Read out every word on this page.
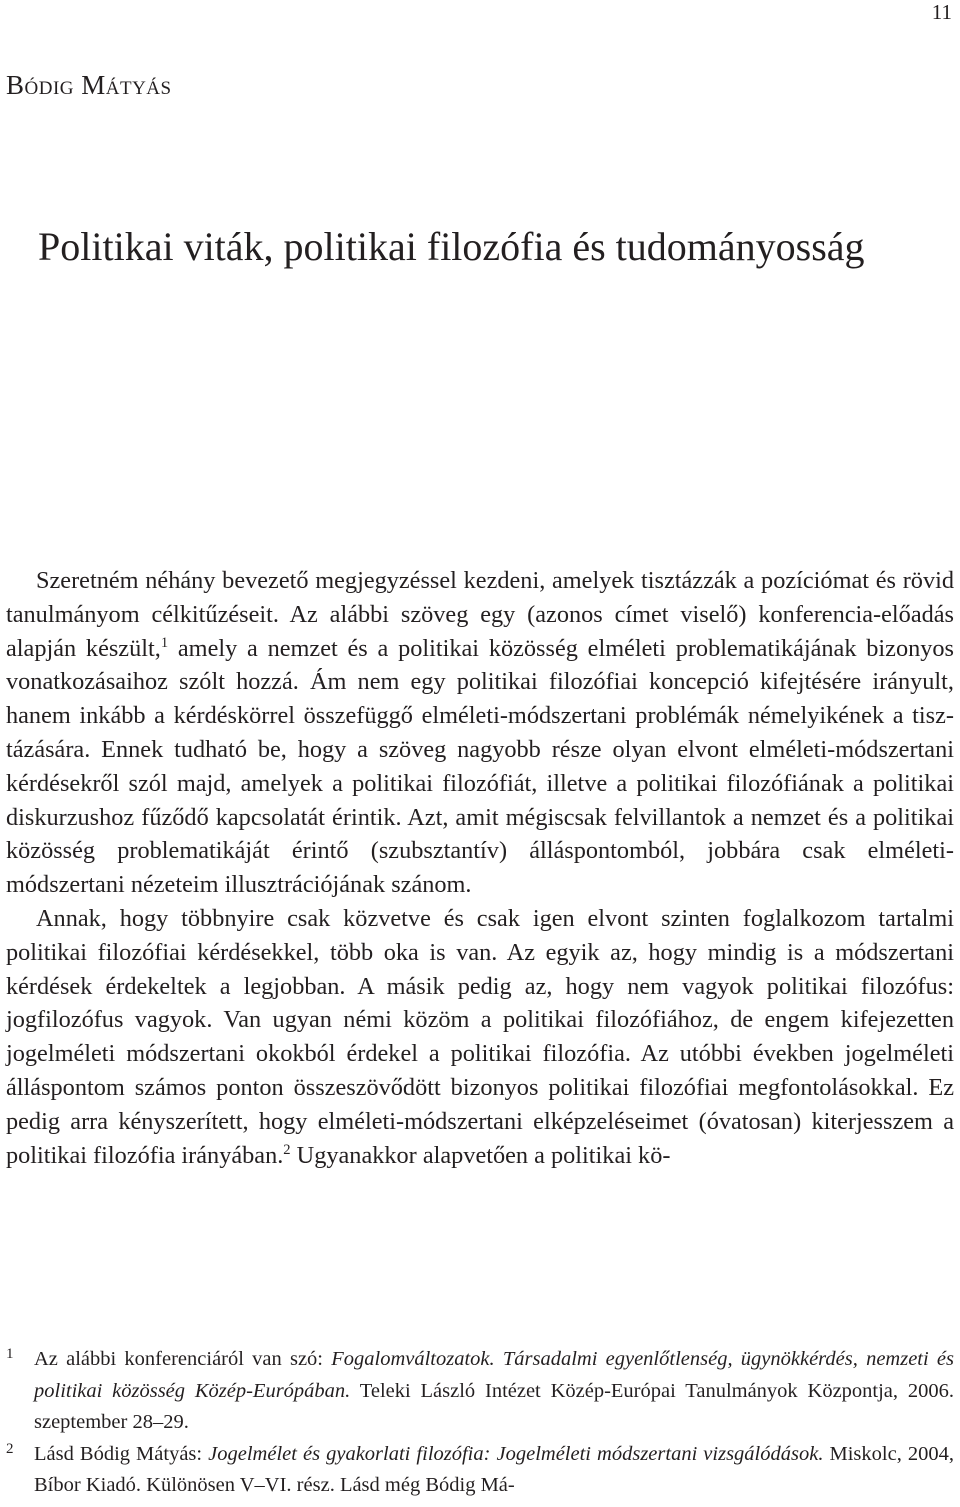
11
Bódig Mátyás
Politikai viták, politikai filozófia és tudományosság

Szeretném néhány bevezető megjegyzéssel kezdeni, amelyek tisztázzák a pozíciómat és rövid tanulmányom célkitűzéseit. Az alábbi szöveg egy (azonos címet viselő) konferencia-előadás alapján készült,$^1$ amely a nemzet és a politikai közösség elméleti problematikájának bizonyos vonatkozásaihoz szólt hozzá. Ám nem egy politikai filozófiai koncepció kifejtésére irányult, hanem inkább a kérdéskörrel összefüggő elméleti-módszertani problémák némelyikének a tisztázására. Ennek tudható be, hogy a szöveg nagyobb része olyan elvont elméleti-módszertani kérdésekről szól majd, amelyek a politikai filozófiát, illetve a politikai filozófiának a politikai diskurzushoz fűződő kapcsolatát érintik. Azt, amit mégiscsak felvillantok a nemzet és a politikai közösség problematikáját érintő (szubsztantív) álláspontomból, jobbára csak elméleti-módszertani nézeteim illusztrációjának szánom.

Annak, hogy többnyire csak közvetve és csak igen elvont szinten foglalkozom tartalmi politikai filozófiai kérdésekkel, több oka is van. Az egyik az, hogy mindig is a módszertani kérdések érdekeltek a legjobban. A másik pedig az, hogy nem vagyok politikai filozófus: jogfilozófus vagyok. Van ugyan némi közöm a politikai filozófiához, de engem kifejezetten jogelméleti módszertani okokból érdekel a politikai filozófia. Az utóbbi években jogelméleti álláspontom számos ponton összeszövődött bizonyos politikai filozófiai megfontolásokkal. Ez pedig arra kényszerített, hogy elméleti-módszertani elképzeléseimet (óvatosan) kiterjesszem a politikai filozófia irányában.$^2$ Ugyanakkor alapvetően a politikai kö-

1	Az alábbi konferenciáról van szó: Fogalomváltozatok. Társadalmi egyenlőtlenség, ügynökkérdés, nemzeti és politikai közösség Közép-Európában. Teleki László Intézet Közép-Európai Tanulmányok Központja, 2006. szeptember 28–29.
2	Lásd Bódig Mátyás: Jogelmélet és gyakorlati filozófia: Jogelméleti módszertani vizsgálódások. Miskolc, 2004, Bíbor Kiadó. Különösen V–VI. rész. Lásd még Bódig Má-
